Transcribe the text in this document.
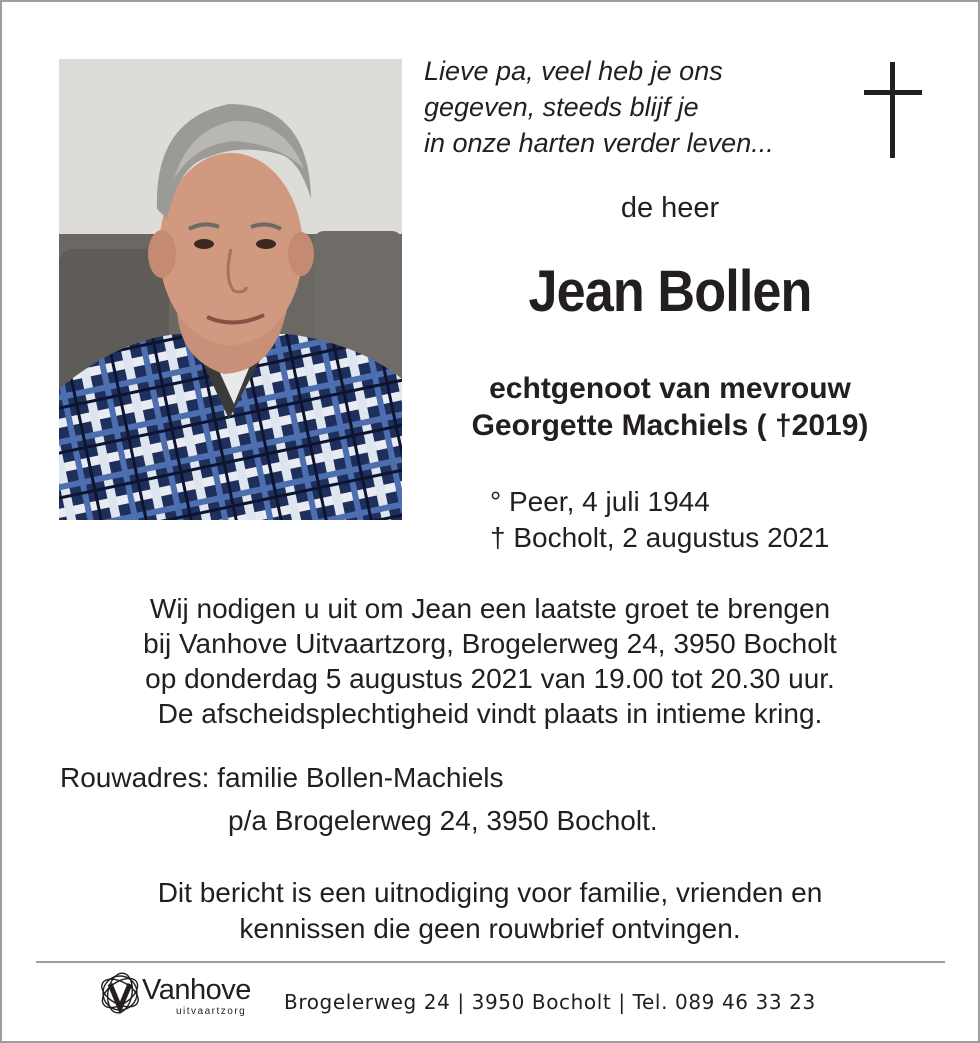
Lieve pa, veel heb je ons
gegeven, steeds blijf je
in onze harten verder leven...
de heer
Jean Bollen
echtgenoot van mevrouw
Georgette Machiels ( †2019)
° Peer, 4 juli 1944
† Bocholt, 2 augustus 2021
Wij nodigen u uit om Jean een laatste groet te brengen
bij Vanhove Uitvaartzorg, Brogelerweg 24, 3950 Bocholt
op donderdag 5 augustus 2021 van 19.00 tot 20.30 uur.
De afscheidsplechtigheid vindt plaats in intieme kring.
Rouwadres: familie Bollen-Machiels
p/a Brogelerweg 24, 3950 Bocholt.
Dit bericht is een uitnodiging voor familie, vrienden en
kennissen die geen rouwbrief ontvingen.
Vanhove
uitvaartzorg Brogelerweg 24 | 3950 Bocholt | Tel. 089 46 33 23
